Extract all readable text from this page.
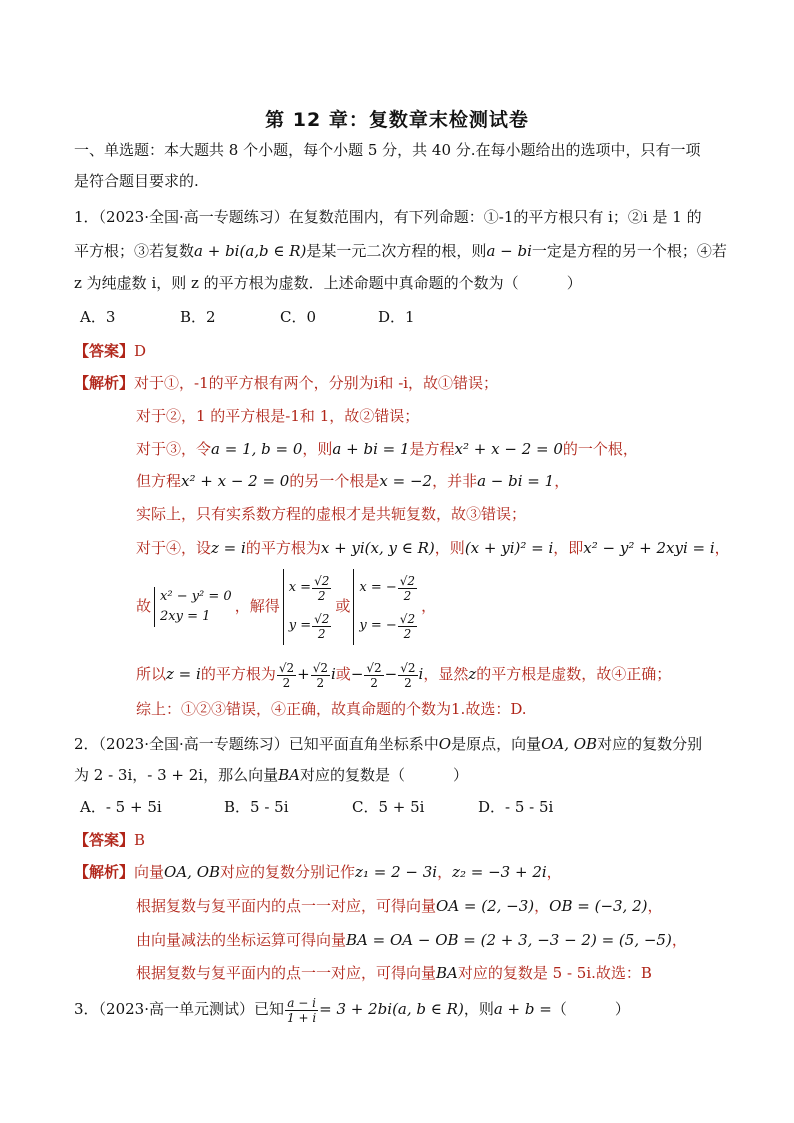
第 12 章：复数章末检测试卷
一、单选题：本大题共 8 个小题，每个小题 5 分，共 40 分.在每小题给出的选项中，只有一项
是符合题目要求的.
1．（2023·全国·高一专题练习）在复数范围内，有下列命题：①-1的平方根只有 i；②i 是 1 的
平方根；③若复数a + bi(a,b ∈ R)是某一元二次方程的根，则a − bi一定是方程的另一个根；④若
z 为纯虚数 i，则 z 的平方根为虚数．上述命题中真命题的个数为（	）
A．3	B．2	C．0	D．1
【答案】D
【解析】对于①，-1的平方根有两个，分别为i和 -i，故①错误；
对于②，1 的平方根是-1和 1，故②错误；
对于③，令a = 1, b = 0，则a + bi = 1是方程x² + x − 2 = 0的一个根，
但方程x² + x − 2 = 0的另一个根是x = −2，并非a − bi = 1，
实际上，只有实系数方程的虚根才是共轭复数，故③错误；
对于④，设z = i的平方根为x + yi(x, y ∈ R)，则(x + yi)² = i，即x² − y² + 2xyi = i，
故
x² − y² = 0
2xy = 1
，解得
$x = \frac{√2}{2}$
$y = \frac{√2}{2}$
或
x = − $\frac{√2}{2}$
y = − $\frac{√2}{2}$
，
所以z = i的平方根为 $\frac{√2}{2} + \frac{√2}{2}$ i或− $\frac{√2}{2} - \frac{√2}{2}$ i，显然z的平方根是虚数，故④正确；
综上：①②③错误，④正确，故真命题的个数为1.故选：D.
2．（2023·全国·高一专题练习）已知平面直角坐标系中O是原点，向量OA, OB对应的复数分别
为 2 - 3i，- 3 + 2i，那么向量BA对应的复数是（	）
A．- 5 + 5i	B．5 - 5i	C．5 + 5i	D．- 5 - 5i
【答案】B
【解析】向量OA, OB对应的复数分别记作z₁ = 2 − 3i，z₂ = −3 + 2i，
根据复数与复平面内的点一一对应，可得向量OA = (2, −3)，OB = (−3, 2)，
由向量减法的坐标运算可得向量BA = OA − OB = (2 + 3, −3 − 2) = (5, −5)，
根据复数与复平面内的点一一对应，可得向量BA对应的复数是 5 - 5i.故选：B
3．（2023·高一单元测试）已知 $\frac{a - i}{1 + i} = 3 + 2bi(a$, b ∈ R)，则a + b =（	）
